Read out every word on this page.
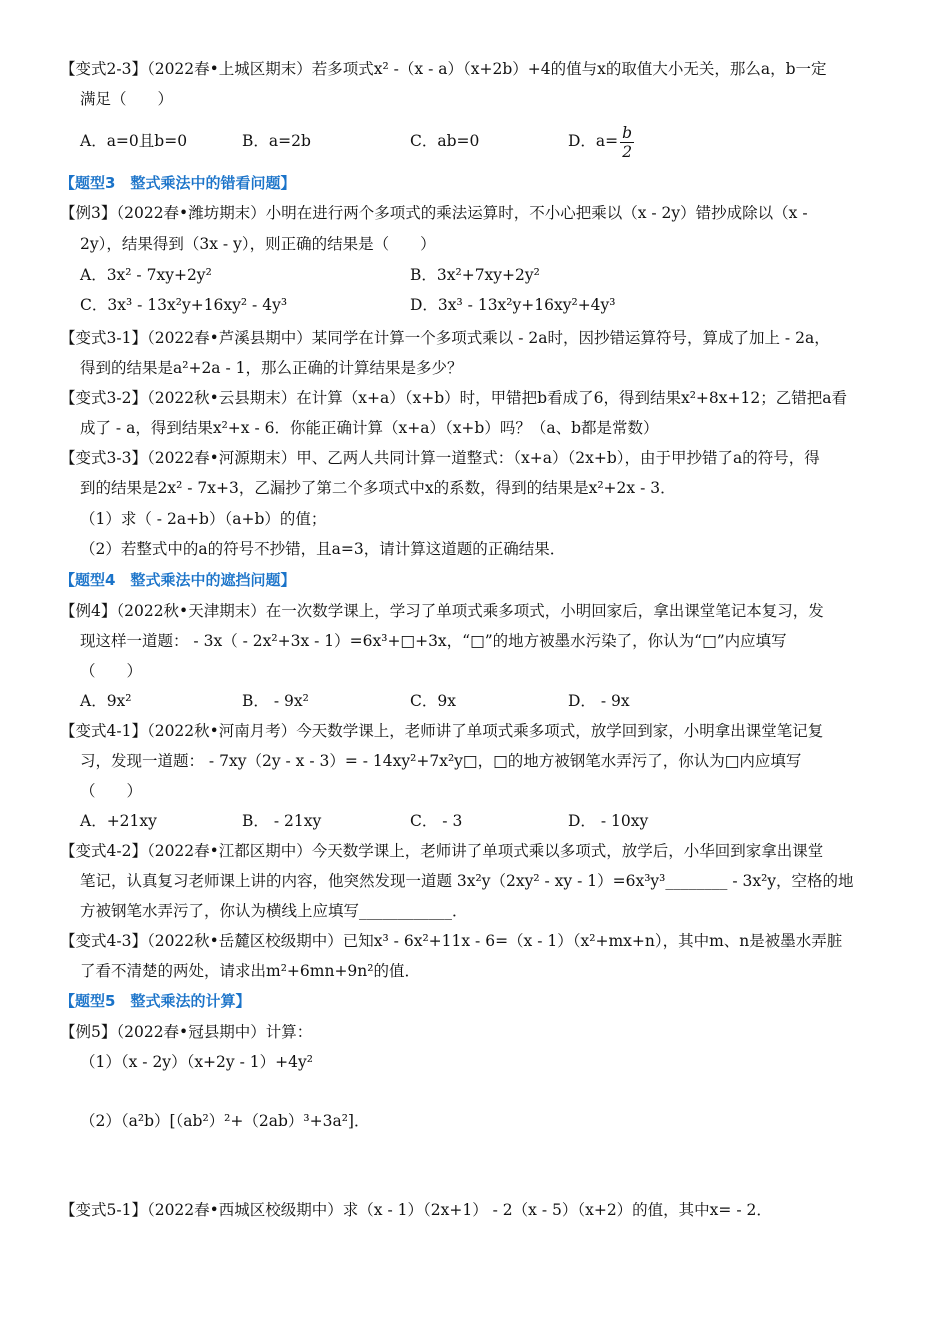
【变式2-3】（2022春•上城区期末）若多项式x² -（x - a）（x+2b）+4的值与x的取值大小无关，那么a，b一定
满足（　　）
A．a=0且b=0	B．a=2b	C．ab=0	D．$a= \frac{b}{2}$
【题型3　整式乘法中的错看问题】
【例3】（2022春•潍坊期末）小明在进行两个多项式的乘法运算时，不小心把乘以（x - 2y）错抄成除以（x -
2y），结果得到（3x - y），则正确的结果是（　　）
A．3x² - 7xy+2y²	B．3x²+7xy+2y²
C．3x³ - 13x²y+16xy² - 4y³	D．3x³ - 13x²y+16xy²+4y³
【变式3-1】（2022春•芦溪县期中）某同学在计算一个多项式乘以 - 2a时，因抄错运算符号，算成了加上 - 2a，
得到的结果是a²+2a - 1，那么正确的计算结果是多少？
【变式3-2】（2022秋•云县期末）在计算（x+a）（x+b）时，甲错把b看成了6，得到结果x²+8x+12；乙错把a看
成了 - a，得到结果x²+x - 6．你能正确计算（x+a）（x+b）吗？（a、b都是常数）
【变式3-3】（2022春•河源期末）甲、乙两人共同计算一道整式：（x+a）（2x+b），由于甲抄错了a的符号，得
到的结果是2x² - 7x+3，乙漏抄了第二个多项式中x的系数，得到的结果是x²+2x - 3．
（1）求（ - 2a+b）（a+b）的值；
（2）若整式中的a的符号不抄错，且a=3，请计算这道题的正确结果．
【题型4　整式乘法中的遮挡问题】
【例4】（2022秋•天津期末）在一次数学课上，学习了单项式乘多项式，小明回家后，拿出课堂笔记本复习，发
现这样一道题： - 3x（ - 2x²+3x - 1）=6x³+□+3x，“□”的地方被墨水污染了，你认为“□”内应填写
（　　）
A．9x²	B． - 9x²	C．9x	D． - 9x
【变式4-1】（2022秋•河南月考）今天数学课上，老师讲了单项式乘多项式，放学回到家，小明拿出课堂笔记复
习，发现一道题： - 7xy（2y - x - 3）= - 14xy²+7x²y□，□的地方被钢笔水弄污了，你认为□内应填写
（　　）
A．+21xy	B． - 21xy	C． - 3	D． - 10xy
【变式4-2】（2022春•江都区期中）今天数学课上，老师讲了单项式乘以多项式，放学后，小华回到家拿出课堂
笔记，认真复习老师课上讲的内容，他突然发现一道题 3x²y（2xy² - xy - 1）=6x³y³________ - 3x²y，空格的地
方被钢笔水弄污了，你认为横线上应填写____________．
【变式4-3】（2022秋•岳麓区校级期中）已知x³ - 6x²+11x - 6=（x - 1）（x²+mx+n），其中m、n是被墨水弄脏
了看不清楚的两处，请求出m²+6mn+9n²的值．
【题型5　整式乘法的计算】
【例5】（2022春•冠县期中）计算：
（1）（x - 2y）（x+2y - 1）+4y²
（2）（a²b）[（ab²）²+（2ab）³+3a²]．
【变式5-1】（2022春•西城区校级期中）求（x - 1）（2x+1） - 2（x - 5）（x+2）的值，其中x= - 2．
